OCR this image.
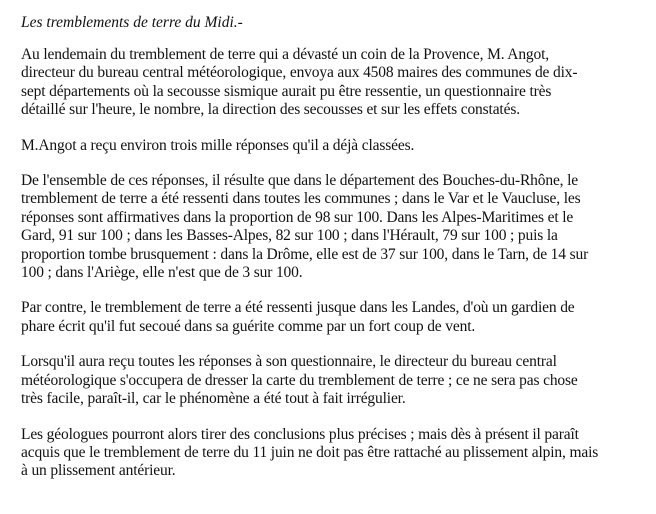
Les tremblements de terre du Midi.-

Au lendemain du tremblement de terre qui a dévasté un coin de la Provence, M. Angot,
directeur du bureau central météorologique, envoya aux 4508 maires des communes de dix-
sept départements où la secousse sismique aurait pu être ressentie, un questionnaire très
détaillé sur l'heure, le nombre, la direction des secousses et sur les effets constatés.

M.Angot a reçu environ trois mille réponses qu'il a déjà classées.

De l'ensemble de ces réponses, il résulte que dans le département des Bouches-du-Rhône, le
tremblement de terre a été ressenti dans toutes les communes ; dans le Var et le Vaucluse, les
réponses sont affirmatives dans la proportion de 98 sur 100. Dans les Alpes-Maritimes et le
Gard, 91 sur 100 ; dans les Basses-Alpes, 82 sur 100 ; dans l'Hérault, 79 sur 100 ; puis la
proportion tombe brusquement : dans la Drôme, elle est de 37 sur 100, dans le Tarn, de 14 sur
100 ; dans l'Ariège, elle n'est que de 3 sur 100.

Par contre, le tremblement de terre a été ressenti jusque dans les Landes, d'où un gardien de
phare écrit qu'il fut secoué dans sa guérite comme par un fort coup de vent.

Lorsqu'il aura reçu toutes les réponses à son questionnaire, le directeur du bureau central
météorologique s'occupera de dresser la carte du tremblement de terre ; ce ne sera pas chose
très facile, paraît-il, car le phénomène a été tout à fait irrégulier.

Les géologues pourront alors tirer des conclusions plus précises ; mais dès à présent il paraît
acquis que le tremblement de terre du 11 juin ne doit pas être rattaché au plissement alpin, mais
à un plissement antérieur.
